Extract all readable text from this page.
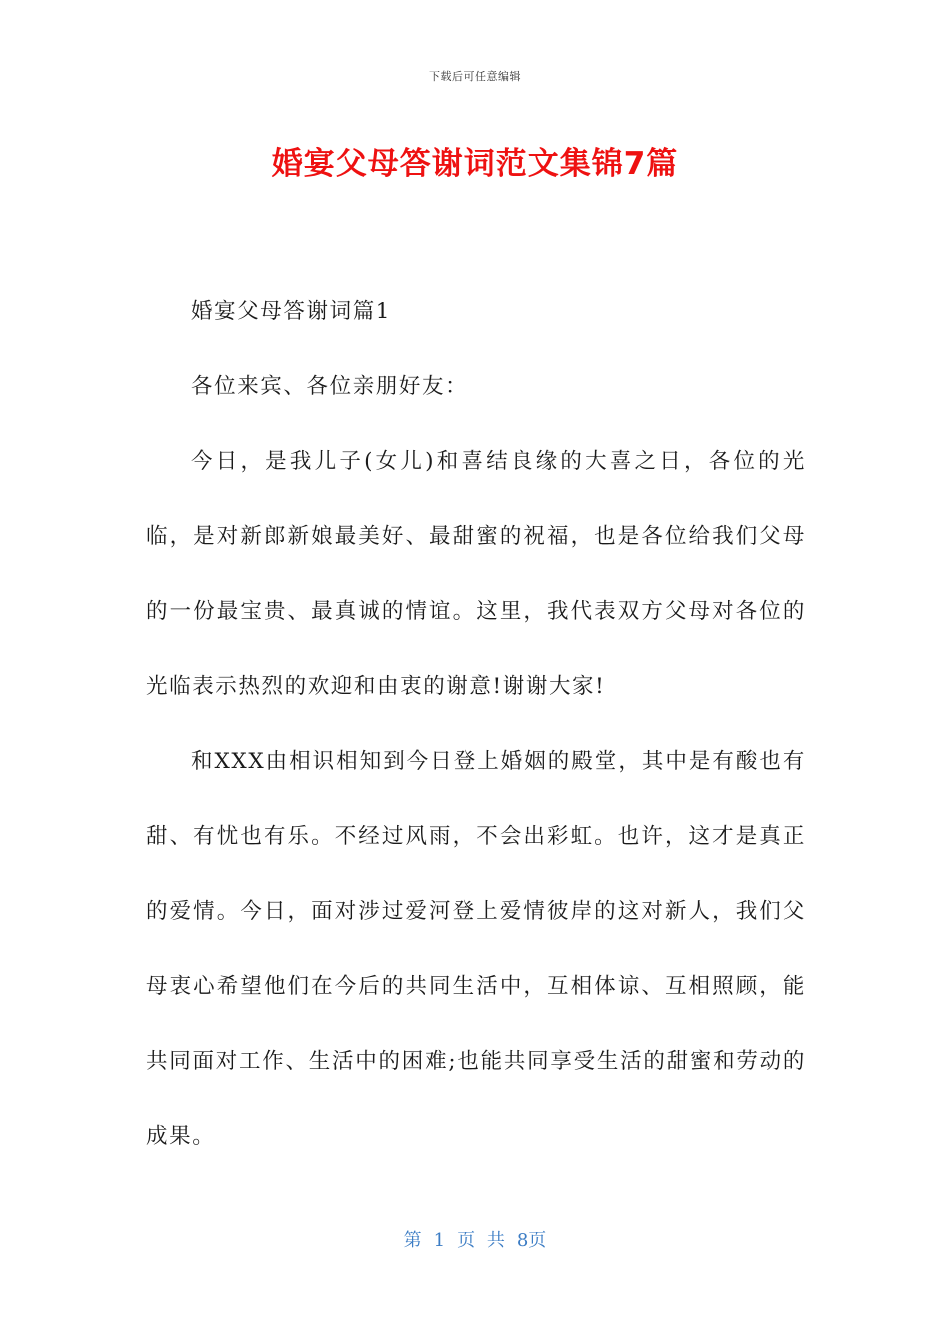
下载后可任意编辑
婚宴父母答谢词范文集锦7篇

婚宴父母答谢词篇1

各位来宾、各位亲朋好友：

今日，是我儿子(女儿)和喜结良缘的大喜之日，各位的光临，是对新郎新娘最美好、最甜蜜的祝福，也是各位给我们父母的一份最宝贵、最真诚的情谊。这里，我代表双方父母对各位的光临表示热烈的欢迎和由衷的谢意!谢谢大家!

和XXX由相识相知到今日登上婚姻的殿堂，其中是有酸也有甜、有忧也有乐。不经过风雨，不会出彩虹。也许，这才是真正的爱情。今日，面对涉过爱河登上爱情彼岸的这对新人，我们父母衷心希望他们在今后的共同生活中，互相体谅、互相照顾，能共同面对工作、生活中的困难;也能共同享受生活的甜蜜和劳动的成果。

第 1 页 共 8页
